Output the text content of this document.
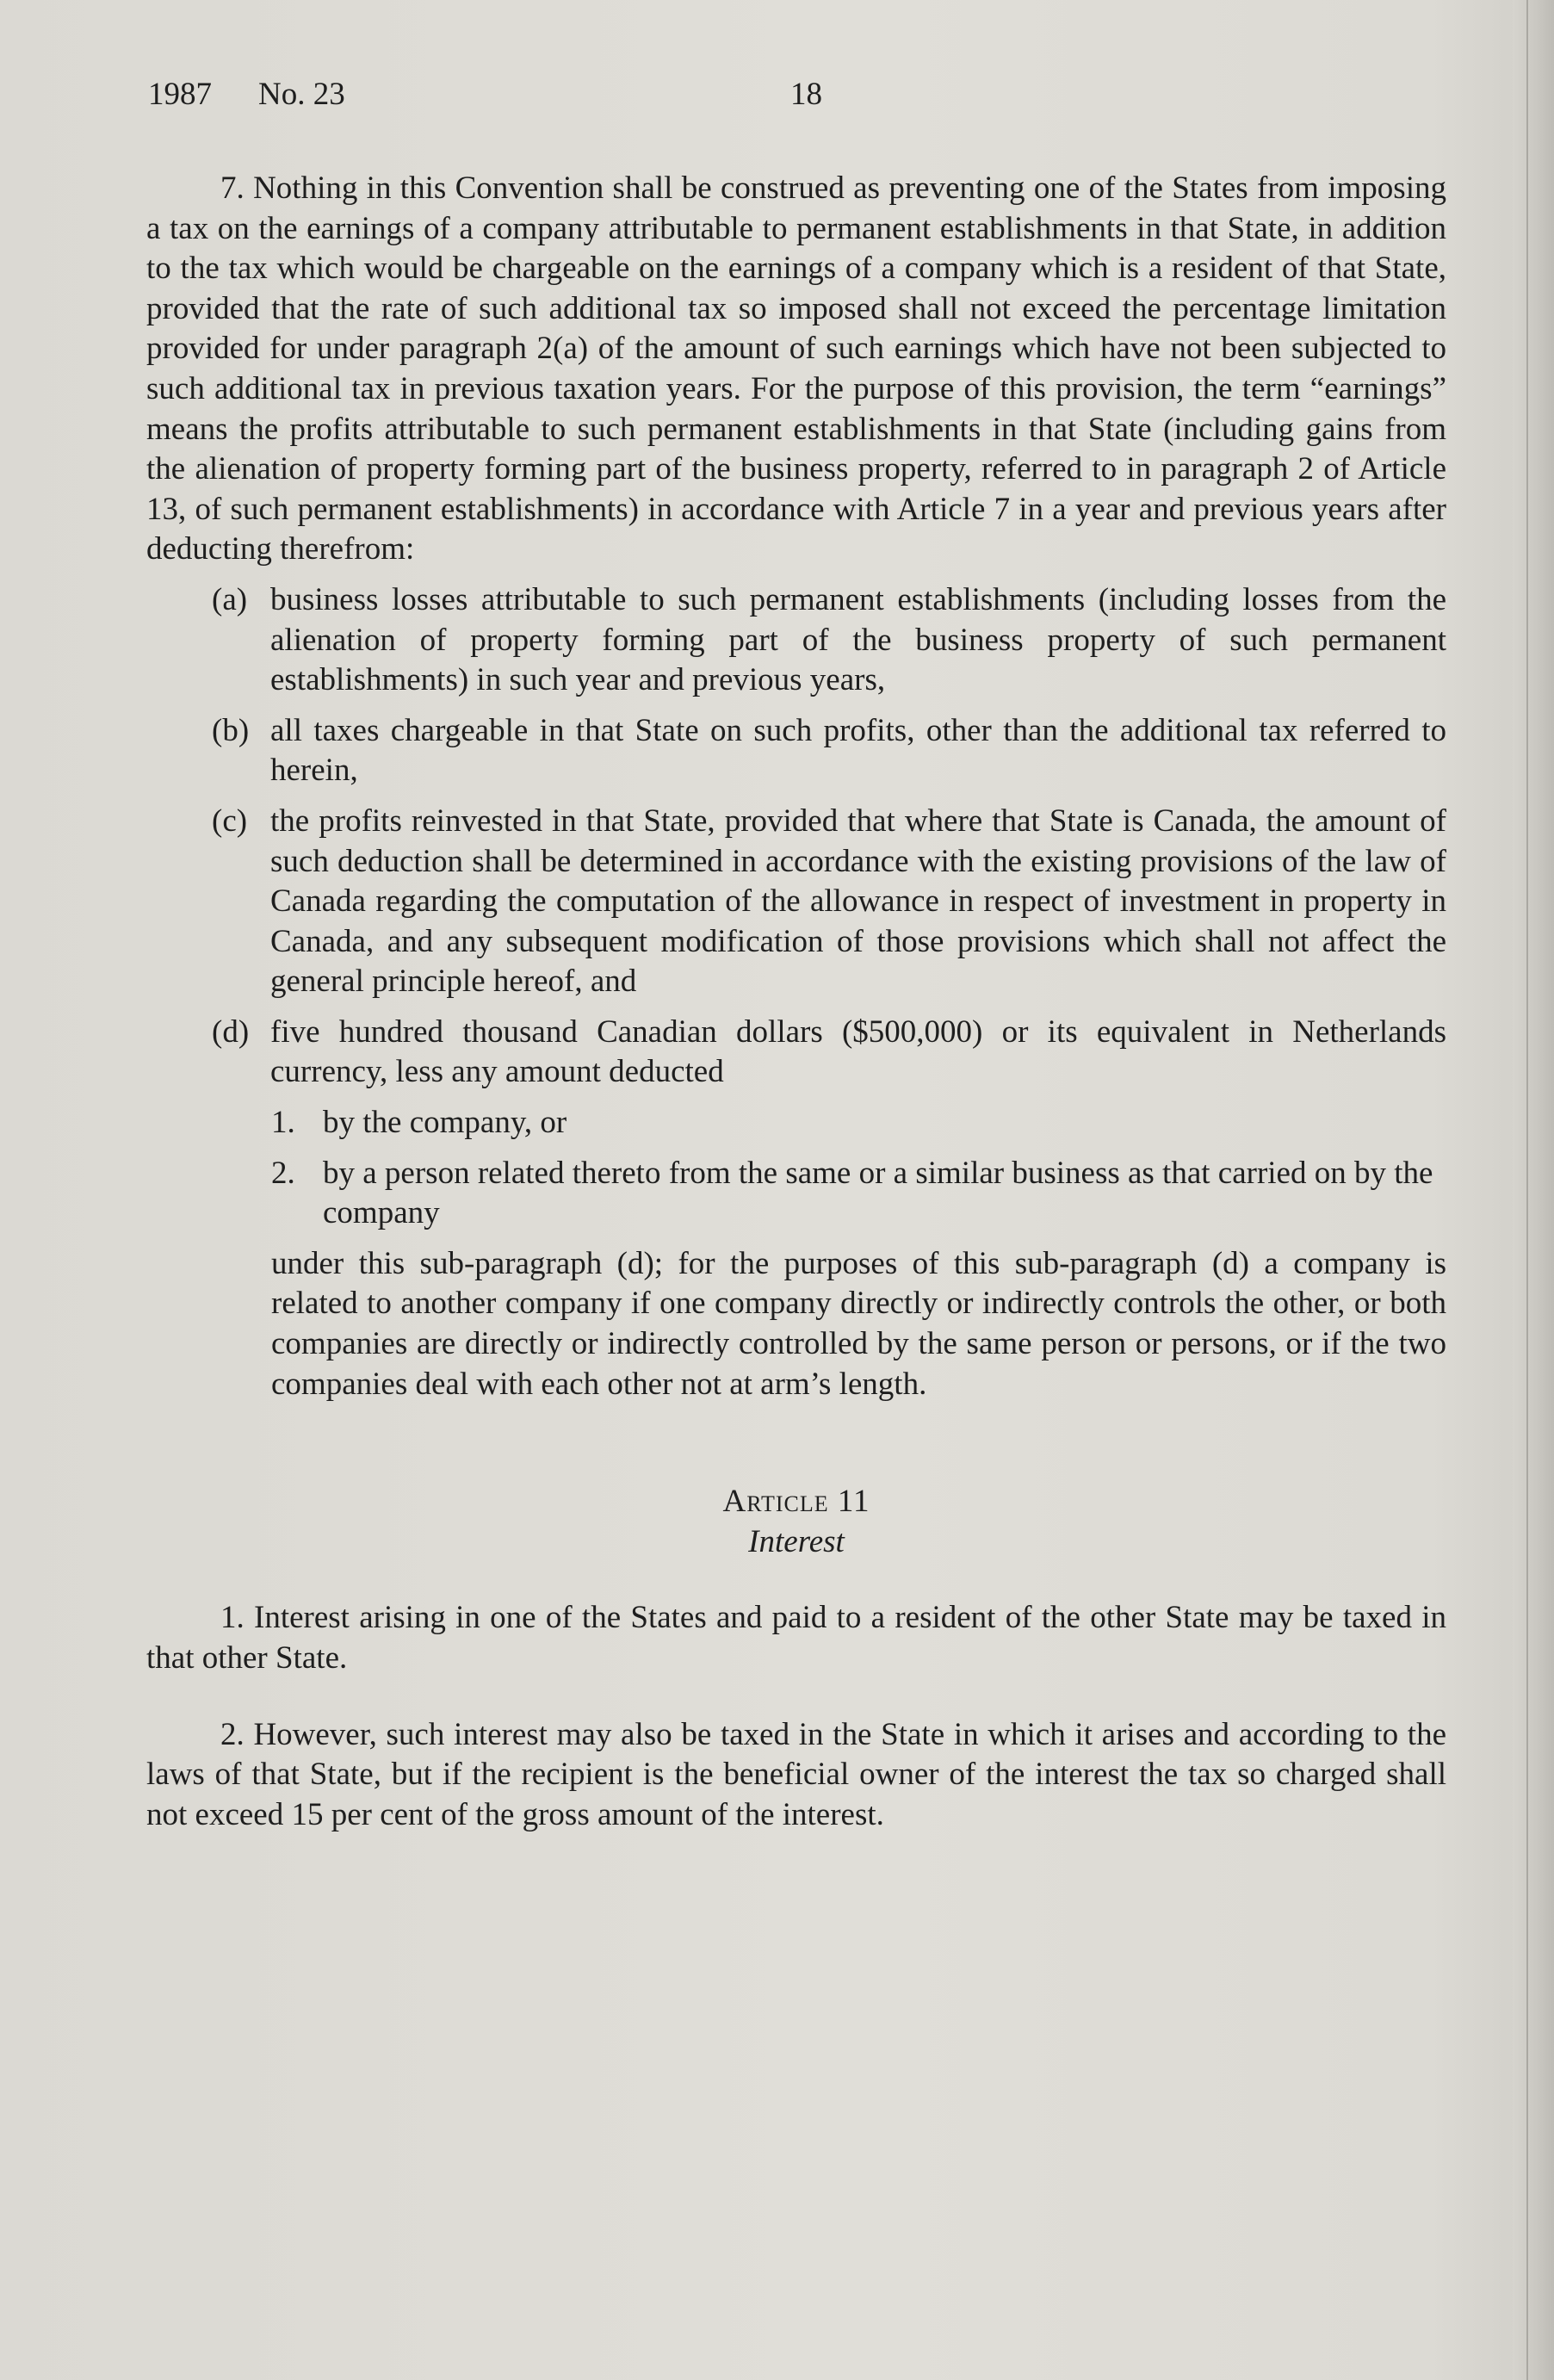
1987 No. 23	18

7. Nothing in this Convention shall be construed as preventing one of the States from imposing a tax on the earnings of a company attributable to permanent establishments in that State, in addition to the tax which would be chargeable on the earnings of a company which is a resident of that State, provided that the rate of such additional tax so imposed shall not exceed the percentage limitation provided for under paragraph 2(a) of the amount of such earnings which have not been subjected to such additional tax in previous taxation years. For the purpose of this provision, the term “earnings” means the profits attributable to such permanent establishments in that State (including gains from the alienation of property forming part of the business property, referred to in paragraph 2 of Article 13, of such permanent establishments) in accordance with Article 7 in a year and previous years after deducting therefrom:

(a) business losses attributable to such permanent establishments (including losses from the alienation of property forming part of the business property of such permanent establishments) in such year and previous years,
(b) all taxes chargeable in that State on such profits, other than the additional tax referred to herein,
(c) the profits reinvested in that State, provided that where that State is Canada, the amount of such deduction shall be determined in accordance with the existing provisions of the law of Canada regarding the computation of the allowance in respect of investment in property in Canada, and any subsequent modification of those provisions which shall not affect the general principle hereof, and
(d) five hundred thousand Canadian dollars ($500,000) or its equivalent in Netherlands currency, less any amount deducted
1. by the company, or
2. by a person related thereto from the same or a similar business as that carried on by the company

under this sub-paragraph (d); for the purposes of this sub-paragraph (d) a company is related to another company if one company directly or indirectly controls the other, or both companies are directly or indirectly controlled by the same person or persons, or if the two companies deal with each other not at arm’s length.

Article 11
Interest

1. Interest arising in one of the States and paid to a resident of the other State may be taxed in that other State.

2. However, such interest may also be taxed in the State in which it arises and according to the laws of that State, but if the recipient is the beneficial owner of the interest the tax so charged shall not exceed 15 per cent of the gross amount of the interest.
